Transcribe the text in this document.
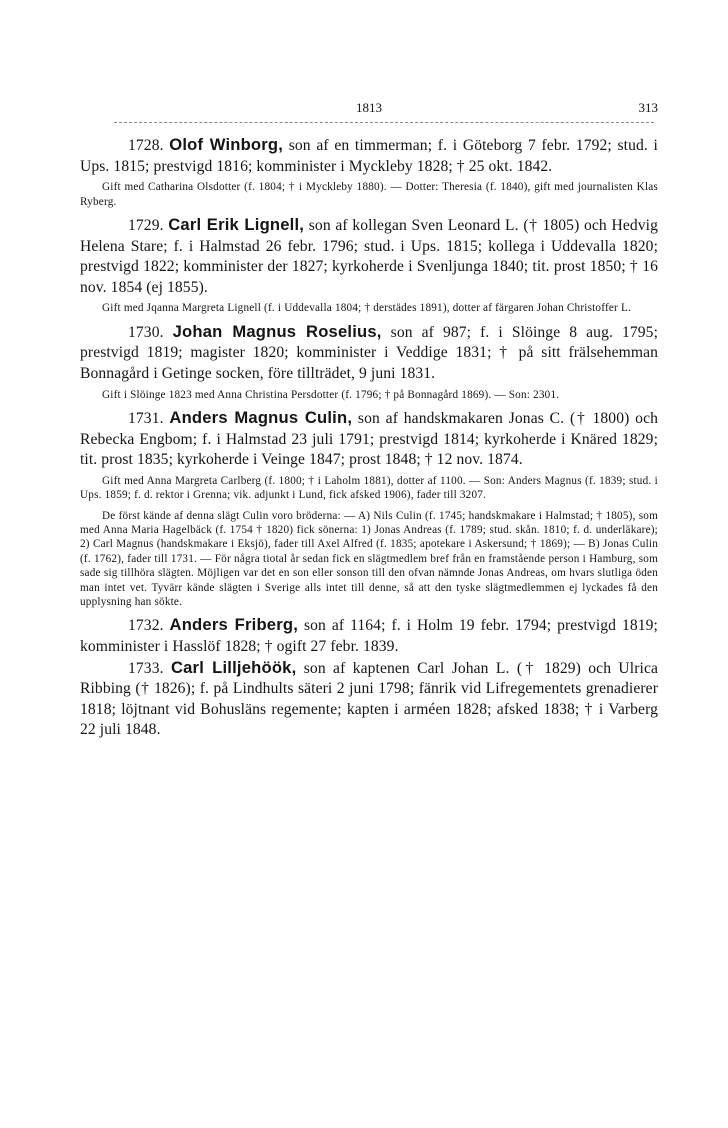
1813	313

1728. Olof Winborg, son af en timmerman; f. i Göteborg 7 febr. 1792; stud. i Ups. 1815; prestvigd 1816; komminister i Myckleby 1828; † 25 okt. 1842.

Gift med Catharina Olsdotter (f. 1804; † i Myckleby 1880). — Dotter: Theresia (f. 1840), gift med journalisten Klas Ryberg.

1729. Carl Erik Lignell, son af kollegan Sven Leonard L. († 1805) och Hedvig Helena Stare; f. i Halmstad 26 febr. 1796; stud. i Ups. 1815; kollega i Uddevalla 1820; prestvigd 1822; komminister der 1827; kyrkoherde i Svenljunga 1840; tit. prost 1850; † 16 nov. 1854 (ej 1855).

Gift med Jqanna Margreta Lignell (f. i Uddevalla 1804; † derstädes 1891), dotter af färgaren Johan Christoffer L.

1730. Johan Magnus Roselius, son af 987; f. i Slöinge 8 aug. 1795; prestvigd 1819; magister 1820; komminister i Veddige 1831; † på sitt frälsehemman Bonnagård i Getinge socken, före tillträdet, 9 juni 1831.

Gift i Slöinge 1823 med Anna Christina Persdotter (f. 1796; † på Bonnagård 1869). — Son: 2301.

1731. Anders Magnus Culin, son af handskmakaren Jonas C. († 1800) och Rebecka Engbom; f. i Halmstad 23 juli 1791; prestvigd 1814; kyrkoherde i Knäred 1829; tit. prost 1835; kyrkoherde i Veinge 1847; prost 1848; † 12 nov. 1874.

Gift med Anna Margreta Carlberg (f. 1800; † i Laholm 1881), dotter af 1100. — Son: Anders Magnus (f. 1839; stud. i Ups. 1859; f. d. rektor i Grenna; vik. adjunkt i Lund, fick afsked 1906), fader till 3207.

De först kände af denna slägt Culin voro bröderna: — A) Nils Culin (f. 1745; handskmakare i Halmstad; † 1805), som med Anna Maria Hagelbäck (f. 1754 † 1820) fick sönerna: 1) Jonas Andreas (f. 1789; stud. skån. 1810; f. d. underläkare); 2) Carl Magnus (handskmakare i Eksjö), fader till Axel Alfred (f. 1835; apotekare i Askersund; † 1869); — B) Jonas Culin (f. 1762), fader till 1731. — För några tiotal år sedan fick en slägtmedlem bref från en framstående person i Hamburg, som sade sig tillhöra slägten. Möjligen var det en son eller sonson till den ofvan nämnde Jonas Andreas, om hvars slutliga öden man intet vet. Tyvärr kände slägten i Sverige alls intet till denne, så att den tyske slägtmedlemmen ej lyckades få den upplysning han sökte.

1732. Anders Friberg, son af 1164; f. i Holm 19 febr. 1794; prestvigd 1819; komminister i Hasslöf 1828; † ogift 27 febr. 1839.

1733. Carl Lilljehöök, son af kaptenen Carl Johan L. († 1829) och Ulrica Ribbing († 1826); f. på Lindhults säteri 2 juni 1798; fänrik vid Lifregementets grenadierer 1818; löjtnant vid Bohusläns regemente; kapten i arméen 1828; afsked 1838; † i Varberg 22 juli 1848.
